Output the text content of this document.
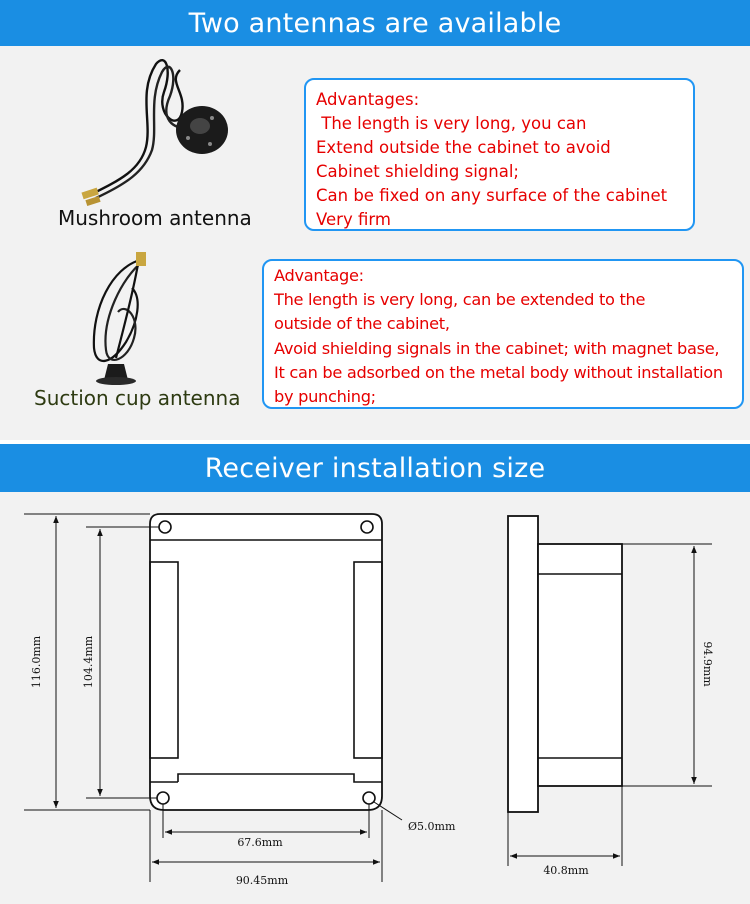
Two antennas are available
Receiver installation size
Mushroom antenna
Advantages:
The length is very long, you can
Extend outside the cabinet to avoid
Cabinet shielding signal;
Can be fixed on any surface of the cabinet
Very firm
Suction cup antenna
Advantage:
The length is very long, can be extended to the
outside of the cabinet,
Avoid shielding signals in the cabinet; with magnet base,
It can be adsorbed on the metal body without installation
by punching;
116.0mm	104.4mm
67.6mm
90.45mm
Ø5.0mm
94.9mm
40.8mm
